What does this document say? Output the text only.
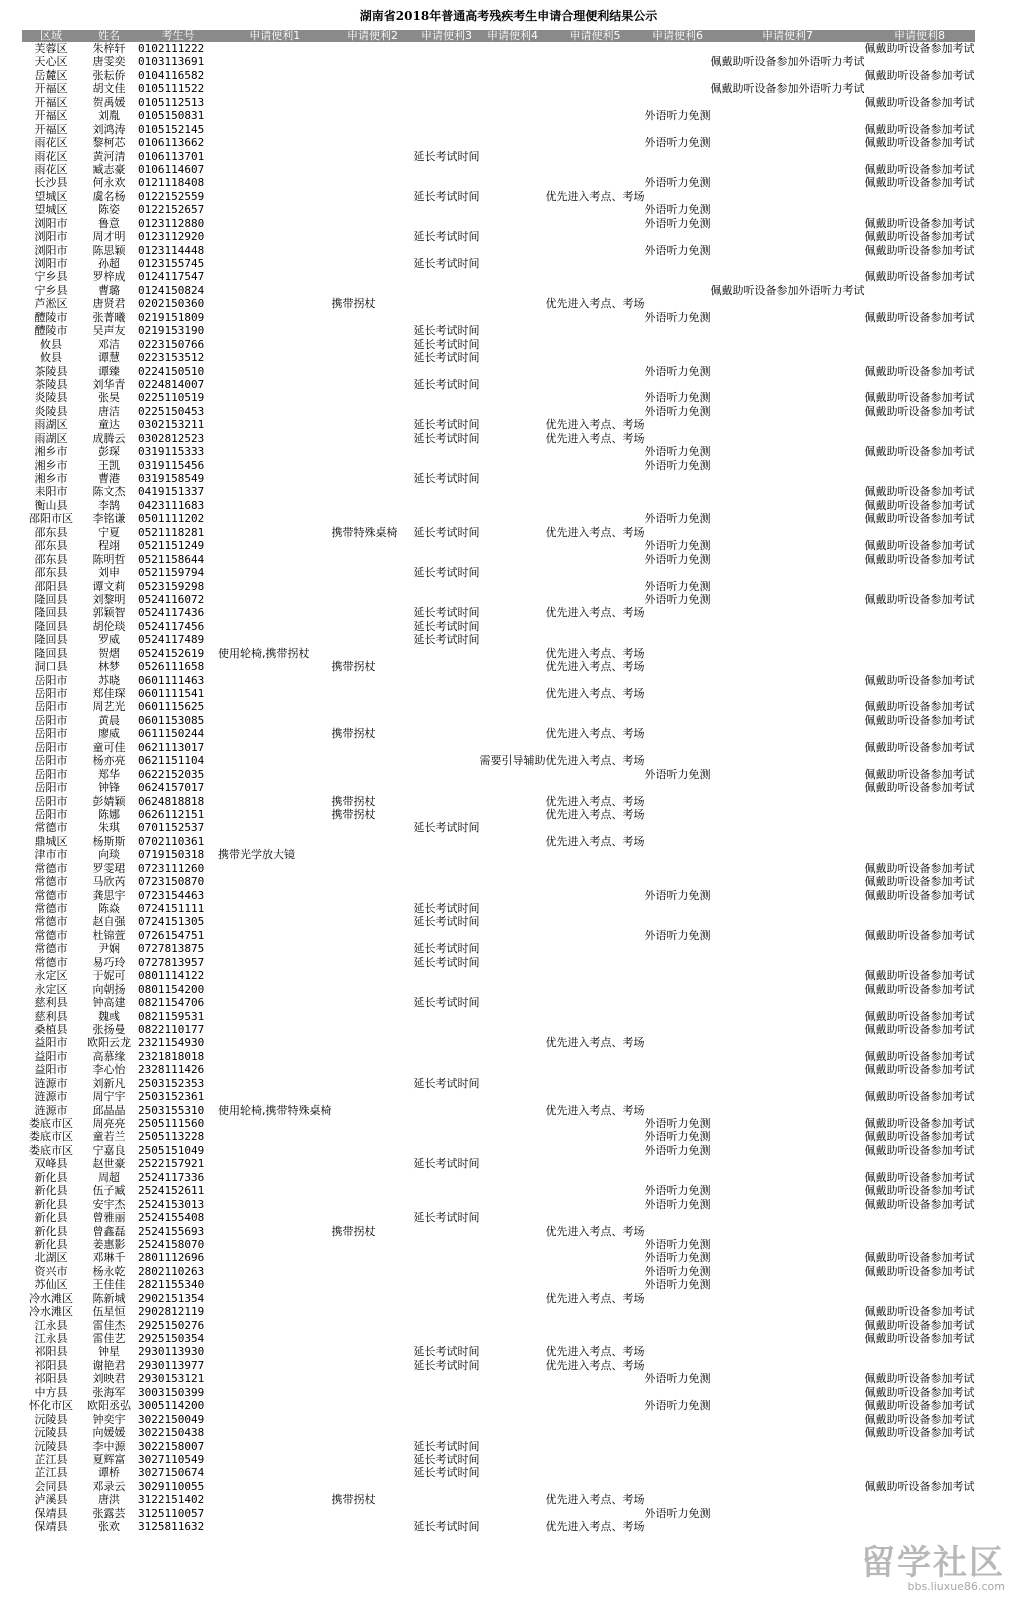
湖南省2018年普通高考残疾考生申请合理便利结果公示
区域	姓名	考生号	申请便利1	申请便利2	申请便利3	申请便利4	申请便利5	申请便利6	申请便利7	申请便利8
芙蓉区	朱梓轩	0102111222								佩戴助听设备参加考试
天心区	唐雯奕	0103113691							佩戴助听设备参加外语听力考试	
岳麓区	张耘侨	0104116582								佩戴助听设备参加考试
开福区	胡文佳	0105111522							佩戴助听设备参加外语听力考试	
开福区	贺禹媛	0105112513								佩戴助听设备参加考试
开福区	刘胤	0105150831						外语听力免测		
开福区	刘鸿涛	0105152145								佩戴助听设备参加考试
雨花区	黎柯芯	0106113662						外语听力免测		佩戴助听设备参加考试
雨花区	黄河清	0106113701			延长考试时间					
雨花区	臧志豪	0106114607								佩戴助听设备参加考试
长沙县	何永欢	0121118408						外语听力免测		佩戴助听设备参加考试
望城区	虞名杨	0122152559			延长考试时间		优先进入考点、考场			
望城区	陈姿	0122152657						外语听力免测		
浏阳市	鲁意	0123112880						外语听力免测		佩戴助听设备参加考试
浏阳市	周才明	0123112920			延长考试时间					佩戴助听设备参加考试
浏阳市	陈思颖	0123114448						外语听力免测		佩戴助听设备参加考试
浏阳市	孙超	0123155745			延长考试时间					
宁乡县	罗梓成	0124117547								佩戴助听设备参加考试
宁乡县	曹璐	0124150824							佩戴助听设备参加外语听力考试	
芦淞区	唐贤君	0202150360		携带拐杖			优先进入考点、考场			
醴陵市	张菁曦	0219151809						外语听力免测		佩戴助听设备参加考试
醴陵市	吴声友	0219153190			延长考试时间					
攸县	邓洁	0223150766			延长考试时间					
攸县	谭慧	0223153512			延长考试时间					
茶陵县	谭臻	0224150510						外语听力免测		佩戴助听设备参加考试
茶陵县	刘华青	0224814007			延长考试时间					
炎陵县	张昊	0225110519						外语听力免测		佩戴助听设备参加考试
炎陵县	唐洁	0225150453						外语听力免测		佩戴助听设备参加考试
雨湖区	童达	0302153211			延长考试时间		优先进入考点、考场			
雨湖区	成腾云	0302812523			延长考试时间		优先进入考点、考场			
湘乡市	彭琛	0319115333						外语听力免测		佩戴助听设备参加考试
湘乡市	王凯	0319115456						外语听力免测		
湘乡市	曹港	0319158549			延长考试时间					
耒阳市	陈文杰	0419151337								佩戴助听设备参加考试
衡山县	李鹄	0423111683								佩戴助听设备参加考试
邵阳市区	李铭谦	0501111202						外语听力免测		佩戴助听设备参加考试
邵东县	宁夏	0521118281		携带特殊桌椅	延长考试时间		优先进入考点、考场			
邵东县	程翊	0521151249						外语听力免测		佩戴助听设备参加考试
邵东县	陈明哲	0521158644						外语听力免测		佩戴助听设备参加考试
邵东县	刘申	0521159794			延长考试时间					
邵阳县	谭文莉	0523159298						外语听力免测		
隆回县	刘黎明	0524116072						外语听力免测		佩戴助听设备参加考试
隆回县	郭颖智	0524117436			延长考试时间		优先进入考点、考场			
隆回县	胡伦琰	0524117456			延长考试时间					
隆回县	罗威	0524117489			延长考试时间					
隆回县	贺熠	0524152619	使用轮椅,携带拐杖				优先进入考点、考场			
洞口县	林梦	0526111658		携带拐杖			优先进入考点、考场			
岳阳市	苏晓	0601111463								佩戴助听设备参加考试
岳阳市	郑佳琛	0601111541					优先进入考点、考场			
岳阳市	周艺光	0601115625								佩戴助听设备参加考试
岳阳市	黄晨	0601153085								佩戴助听设备参加考试
岳阳市	廖威	0611150244		携带拐杖			优先进入考点、考场			
岳阳市	童可佳	0621113017								佩戴助听设备参加考试
岳阳市	杨亦亮	0621151104				需要引导辅助	优先进入考点、考场			
岳阳市	郑华	0622152035						外语听力免测		佩戴助听设备参加考试
岳阳市	钟锋	0624157017								佩戴助听设备参加考试
岳阳市	彭婧颖	0624818818		携带拐杖			优先进入考点、考场			
岳阳市	陈娜	0626112151		携带拐杖			优先进入考点、考场			
常德市	朱琪	0701152537			延长考试时间					
鼎城区	杨斯斯	0702110361					优先进入考点、考场			
津市市	向琰	0719150318	携带光学放大镜							
常德市	罗雯珺	0723111260								佩戴助听设备参加考试
常德市	马欣芮	0723150870								佩戴助听设备参加考试
常德市	龚思宇	0723154463						外语听力免测		佩戴助听设备参加考试
常德市	陈焱	0724151111			延长考试时间					
常德市	赵自强	0724151305			延长考试时间					
常德市	杜锦萱	0726154751						外语听力免测		佩戴助听设备参加考试
常德市	尹娴	0727813875			延长考试时间					
常德市	易巧玲	0727813957			延长考试时间					
永定区	于妮可	0801114122								佩戴助听设备参加考试
永定区	向朝扬	0801154200								佩戴助听设备参加考试
慈利县	钟高建	0821154706			延长考试时间					
慈利县	魏彧	0821159531								佩戴助听设备参加考试
桑植县	张扬曼	0822110177								佩戴助听设备参加考试
益阳市	欧阳云龙	2321154930					优先进入考点、考场			
益阳市	高慕缘	2321818018								佩戴助听设备参加考试
益阳市	李心怡	2328111426								佩戴助听设备参加考试
涟源市	刘新凡	2503152353			延长考试时间					
涟源市	周宁宇	2503152361								佩戴助听设备参加考试
涟源市	邱晶晶	2503155310	使用轮椅,携带特殊桌椅				优先进入考点、考场			
娄底市区	周亮亮	2505111560						外语听力免测		佩戴助听设备参加考试
娄底市区	童若兰	2505113228						外语听力免测		佩戴助听设备参加考试
娄底市区	宁嘉良	2505151049						外语听力免测		佩戴助听设备参加考试
双峰县	赵世豪	2522157921			延长考试时间					
新化县	周超	2524117336								佩戴助听设备参加考试
新化县	伍子臧	2524152611						外语听力免测		佩戴助听设备参加考试
新化县	安宇杰	2524153013						外语听力免测		佩戴助听设备参加考试
新化县	曾雅丽	2524155408			延长考试时间					
新化县	曾鑫磊	2524155693		携带拐杖			优先进入考点、考场			
新化县	姜惠影	2524158070						外语听力免测		
北湖区	邓琳千	2801112696						外语听力免测		佩戴助听设备参加考试
资兴市	杨永乾	2802110263						外语听力免测		佩戴助听设备参加考试
苏仙区	王佳佳	2821155340						外语听力免测		
冷水滩区	陈新城	2902151354					优先进入考点、考场			
冷水滩区	伍星恒	2902812119								佩戴助听设备参加考试
江永县	雷佳杰	2925150276								佩戴助听设备参加考试
江永县	雷佳艺	2925150354								佩戴助听设备参加考试
祁阳县	钟星	2930113930			延长考试时间		优先进入考点、考场			
祁阳县	谢艳君	2930113977			延长考试时间		优先进入考点、考场			
祁阳县	刘映君	2930153121						外语听力免测		佩戴助听设备参加考试
中方县	张海军	3003150399								佩戴助听设备参加考试
怀化市区	欧阳丞弘	3005114200						外语听力免测		佩戴助听设备参加考试
沅陵县	钟奕宇	3022150049								佩戴助听设备参加考试
沅陵县	向媛媛	3022150438								佩戴助听设备参加考试
沅陵县	李中源	3022158007			延长考试时间					
芷江县	夏辉富	3027110549			延长考试时间					
芷江县	谭桥	3027150674			延长考试时间					
会同县	邓录云	3029110055								佩戴助听设备参加考试
泸溪县	唐洪	3122151402		携带拐杖			优先进入考点、考场			
保靖县	张露芸	3125110057						外语听力免测		
保靖县	张欢	3125811632			延长考试时间		优先进入考点、考场			
留学社区
bbs.liuxue86.com
